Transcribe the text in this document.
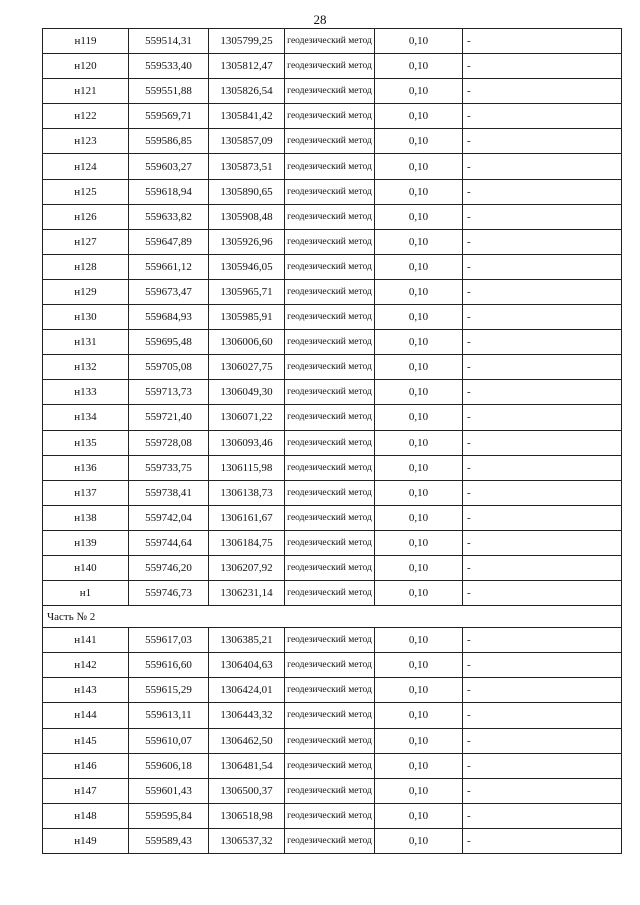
28
н119	559514,31	1305799,25	геодезический метод	0,10	-
н120	559533,40	1305812,47	геодезический метод	0,10	-
н121	559551,88	1305826,54	геодезический метод	0,10	-
н122	559569,71	1305841,42	геодезический метод	0,10	-
н123	559586,85	1305857,09	геодезический метод	0,10	-
н124	559603,27	1305873,51	геодезический метод	0,10	-
н125	559618,94	1305890,65	геодезический метод	0,10	-
н126	559633,82	1305908,48	геодезический метод	0,10	-
н127	559647,89	1305926,96	геодезический метод	0,10	-
н128	559661,12	1305946,05	геодезический метод	0,10	-
н129	559673,47	1305965,71	геодезический метод	0,10	-
н130	559684,93	1305985,91	геодезический метод	0,10	-
н131	559695,48	1306006,60	геодезический метод	0,10	-
н132	559705,08	1306027,75	геодезический метод	0,10	-
н133	559713,73	1306049,30	геодезический метод	0,10	-
н134	559721,40	1306071,22	геодезический метод	0,10	-
н135	559728,08	1306093,46	геодезический метод	0,10	-
н136	559733,75	1306115,98	геодезический метод	0,10	-
н137	559738,41	1306138,73	геодезический метод	0,10	-
н138	559742,04	1306161,67	геодезический метод	0,10	-
н139	559744,64	1306184,75	геодезический метод	0,10	-
н140	559746,20	1306207,92	геодезический метод	0,10	-
н1	559746,73	1306231,14	геодезический метод	0,10	-
Часть № 2					
н141	559617,03	1306385,21	геодезический метод	0,10	-
н142	559616,60	1306404,63	геодезический метод	0,10	-
н143	559615,29	1306424,01	геодезический метод	0,10	-
н144	559613,11	1306443,32	геодезический метод	0,10	-
н145	559610,07	1306462,50	геодезический метод	0,10	-
н146	559606,18	1306481,54	геодезический метод	0,10	-
н147	559601,43	1306500,37	геодезический метод	0,10	-
н148	559595,84	1306518,98	геодезический метод	0,10	-
н149	559589,43	1306537,32	геодезический метод	0,10	-
